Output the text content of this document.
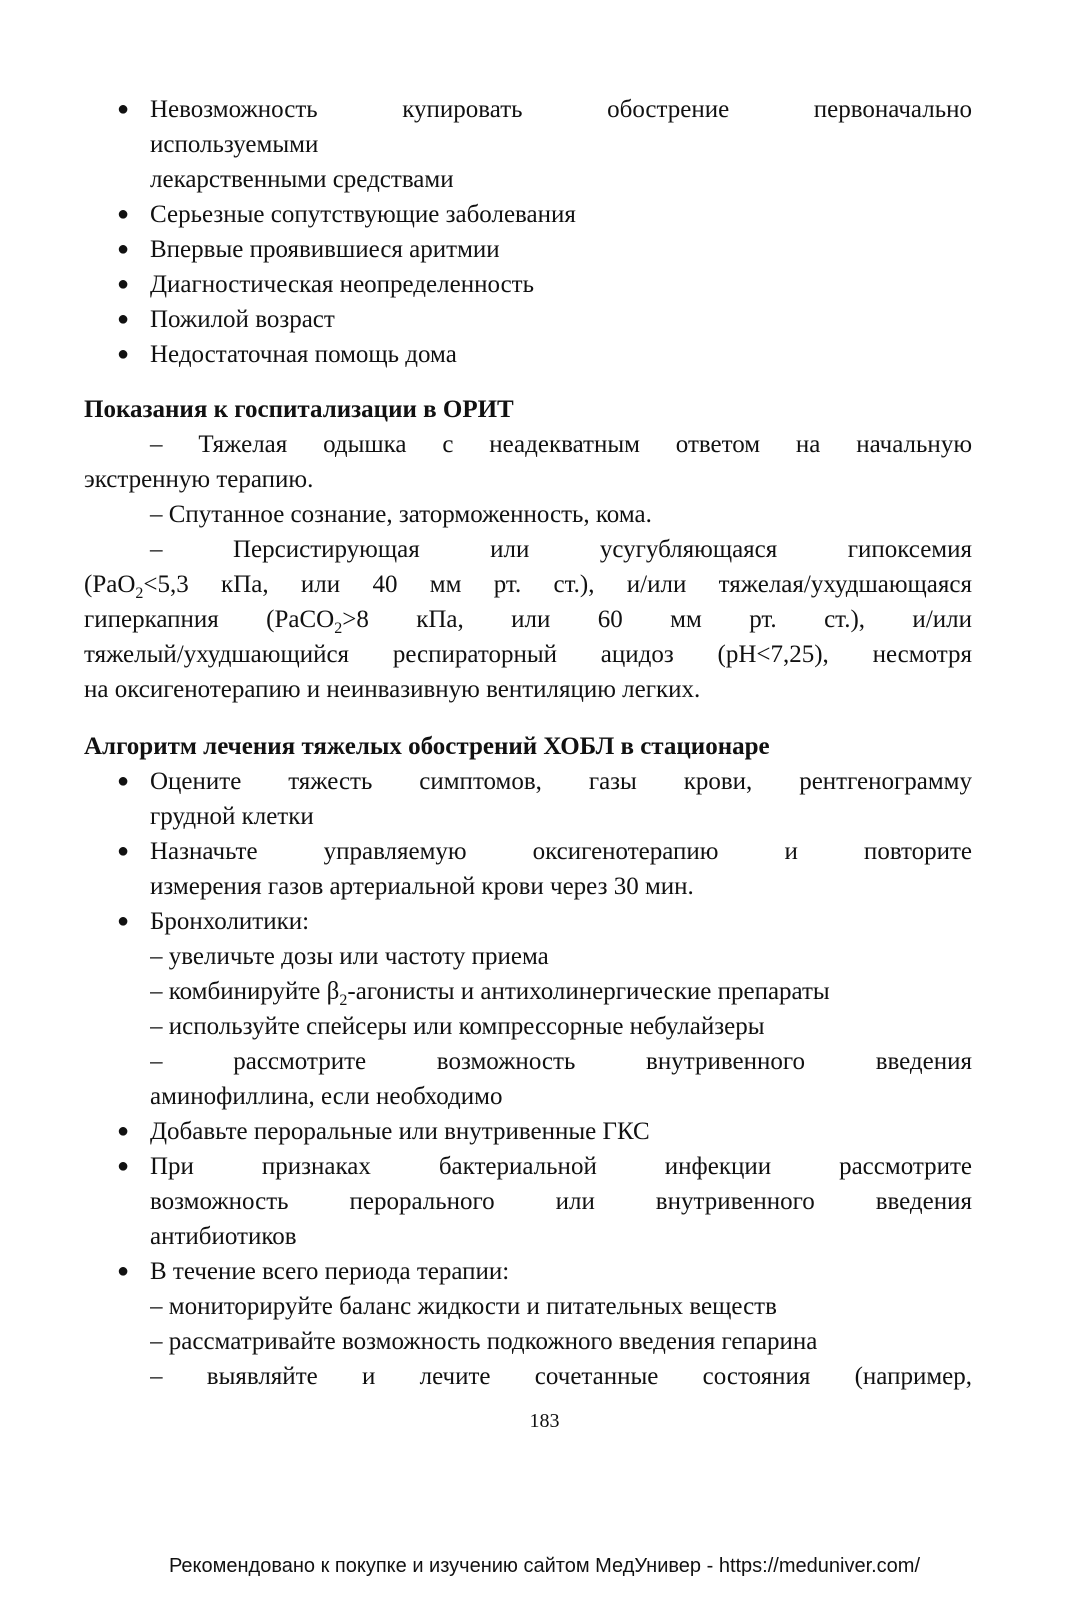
● Невозможность купировать обострение первоначально
используемыми
лекарственными средствами
● Серьезные сопутствующие заболевания
● Впервые проявившиеся аритмии
● Диагностическая неопределенность
● Пожилой возраст
● Недостаточная помощь дома
Показания к госпитализации в ОРИТ
– Тяжелая одышка с неадекватным ответом на начальную
экстренную терапию.
– Спутанное сознание, заторможенность, кома.
– Персистирующая или усугубляющаяся гипоксемия
(PaO$_2$<5,3 кПа, или 40 мм рт. ст.), и/или тяжелая/ухудшающаяся
гиперкапния (PaCO$_2$>8 кПа, или 60 мм рт. ст.), и/или
тяжелый/ухудшающийся респираторный ацидоз (pH<7,25), несмотря
на оксигенотерапию и неинвазивную вентиляцию легких.
Алгоритм лечения тяжелых обострений ХОБЛ в стационаре
● Оцените тяжесть симптомов, газы крови, рентгенограмму
грудной клетки
● Назначьте управляемую оксигенотерапию и повторите
измерения газов артериальной крови через 30 мин.
● Бронхолитики:
– увеличьте дозы или частоту приема
– комбинируйте $\beta_2$-агонисты и антихолинергические препараты
– используйте спейсеры или компрессорные небулайзеры
– рассмотрите возможность внутривенного введения
аминофиллина, если необходимо
● Добавьте пероральные или внутривенные ГКС
● При признаках бактериальной инфекции рассмотрите
возможность перорального или внутривенного введения
антибиотиков
● В течение всего периода терапии:
– мониторируйте баланс жидкости и питательных веществ
– рассматривайте возможность подкожного введения гепарина
– выявляйте и лечите сочетанные состояния (например,
183
Рекомендовано к покупке и изучению сайтом МедУнивер - https://meduniver.com/
